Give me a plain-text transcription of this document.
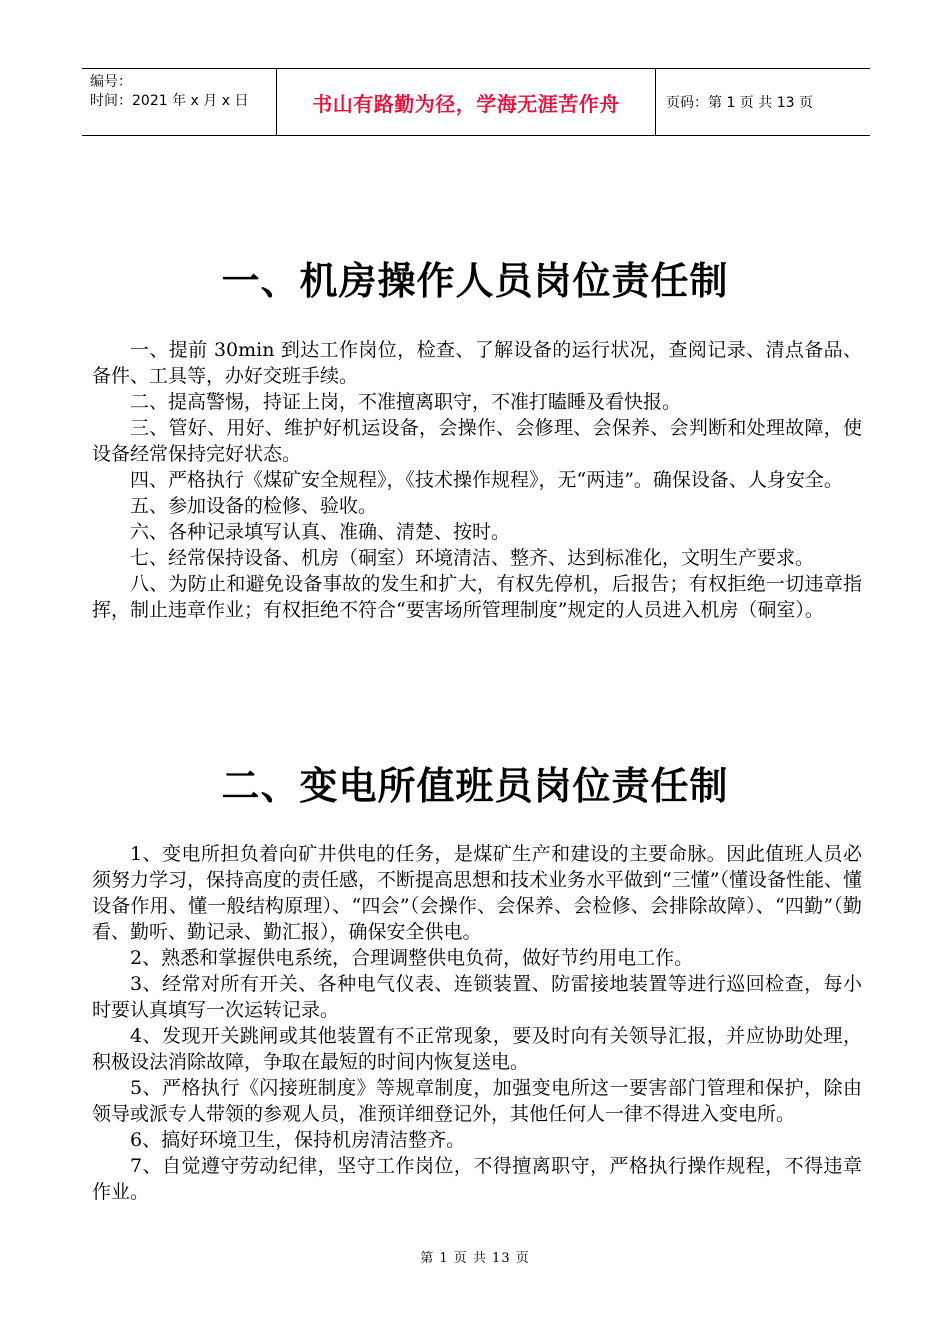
编号：
时间：2021 年 x 月 x 日	书山有路勤为径，学海无涯苦作舟	页码：第 1 页 共 13 页
一、机房操作人员岗位责任制

一、提前 30min 到达工作岗位，检查、了解设备的运行状况，查阅记录、清点备品、备件、工具等，办好交班手续。

二、提高警惕，持证上岗，不准擅离职守，不准打瞌睡及看快报。

三、管好、用好、维护好机运设备，会操作、会修理、会保养、会判断和处理故障，使设备经常保持完好状态。

四、严格执行《煤矿安全规程》，《技术操作规程》，无“两违”。确保设备、人身安全。

五、参加设备的检修、验收。

六、各种记录填写认真、准确、清楚、按时。

七、经常保持设备、机房（硐室）环境清洁、整齐、达到标准化，文明生产要求。

八、为防止和避免设备事故的发生和扩大，有权先停机，后报告；有权拒绝一切违章指挥，制止违章作业；有权拒绝不符合“要害场所管理制度”规定的人员进入机房（硐室）。

二、变电所值班员岗位责任制

1、变电所担负着向矿井供电的任务，是煤矿生产和建设的主要命脉。因此值班人员必须努力学习，保持高度的责任感，不断提高思想和技术业务水平做到“三懂”（懂设备性能、懂设备作用、懂一般结构原理）、“四会”（会操作、会保养、会检修、会排除故障）、“四勤”（勤看、勤听、勤记录、勤汇报），确保安全供电。

2、熟悉和掌握供电系统，合理调整供电负荷，做好节约用电工作。

3、经常对所有开关、各种电气仪表、连锁装置、防雷接地装置等进行巡回检查，每小时要认真填写一次运转记录。

4、发现开关跳闸或其他装置有不正常现象，要及时向有关领导汇报，并应协助处理，积极设法消除故障，争取在最短的时间内恢复送电。

5、严格执行《闪接班制度》等规章制度，加强变电所这一要害部门管理和保护，除由领导或派专人带领的参观人员，准预详细登记外，其他任何人一律不得进入变电所。

6、搞好环境卫生，保持机房清洁整齐。

7、自觉遵守劳动纪律，坚守工作岗位，不得擅离职守，严格执行操作规程，不得违章作业。

第 1 页 共 13 页
